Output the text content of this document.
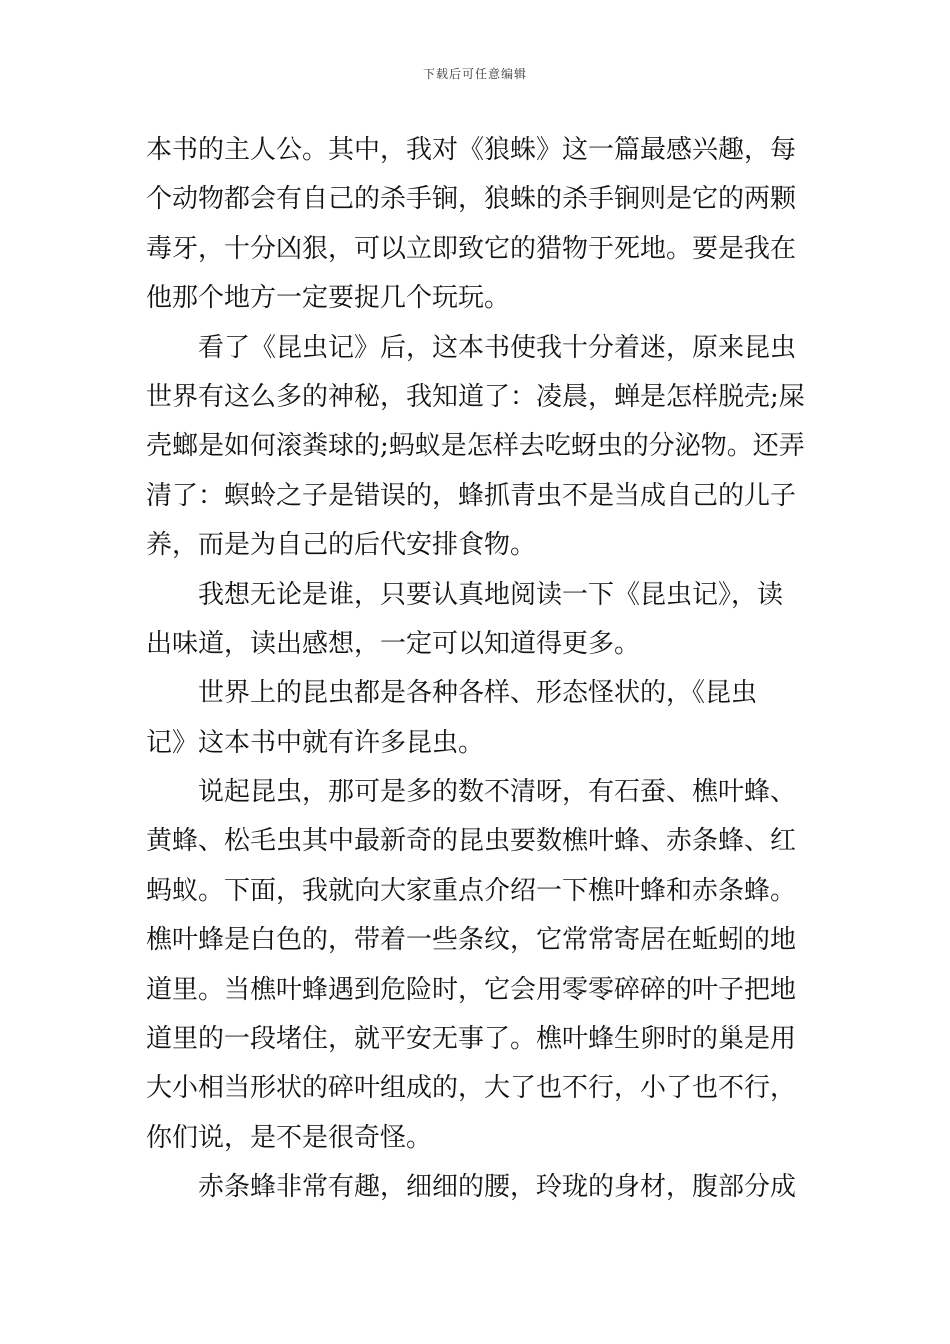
下载后可任意编辑
本书的主人公。其中，我对《狼蛛》这一篇最感兴趣，每
个动物都会有自己的杀手锏，狼蛛的杀手锏则是它的两颗
毒牙，十分凶狠，可以立即致它的猎物于死地。要是我在
他那个地方一定要捉几个玩玩。
看了《昆虫记》后，这本书使我十分着迷，原来昆虫
世界有这么多的神秘，我知道了：凌晨，蝉是怎样脱壳;屎
壳螂是如何滚粪球的;蚂蚁是怎样去吃蚜虫的分泌物。还弄
清了：螟蛉之子是错误的，蜂抓青虫不是当成自己的儿子
养，而是为自己的后代安排食物。
我想无论是谁，只要认真地阅读一下《昆虫记》，读
出味道，读出感想，一定可以知道得更多。
世界上的昆虫都是各种各样、形态怪状的，《昆虫
记》这本书中就有许多昆虫。
说起昆虫，那可是多的数不清呀，有石蚕、樵叶蜂、
黄蜂、松毛虫其中最新奇的昆虫要数樵叶蜂、赤条蜂、红
蚂蚁。下面，我就向大家重点介绍一下樵叶蜂和赤条蜂。
樵叶蜂是白色的，带着一些条纹，它常常寄居在蚯蚓的地
道里。当樵叶蜂遇到危险时，它会用零零碎碎的叶子把地
道里的一段堵住，就平安无事了。樵叶蜂生卵时的巢是用
大小相当形状的碎叶组成的，大了也不行，小了也不行，
你们说，是不是很奇怪。
赤条蜂非常有趣，细细的腰，玲珑的身材，腹部分成
